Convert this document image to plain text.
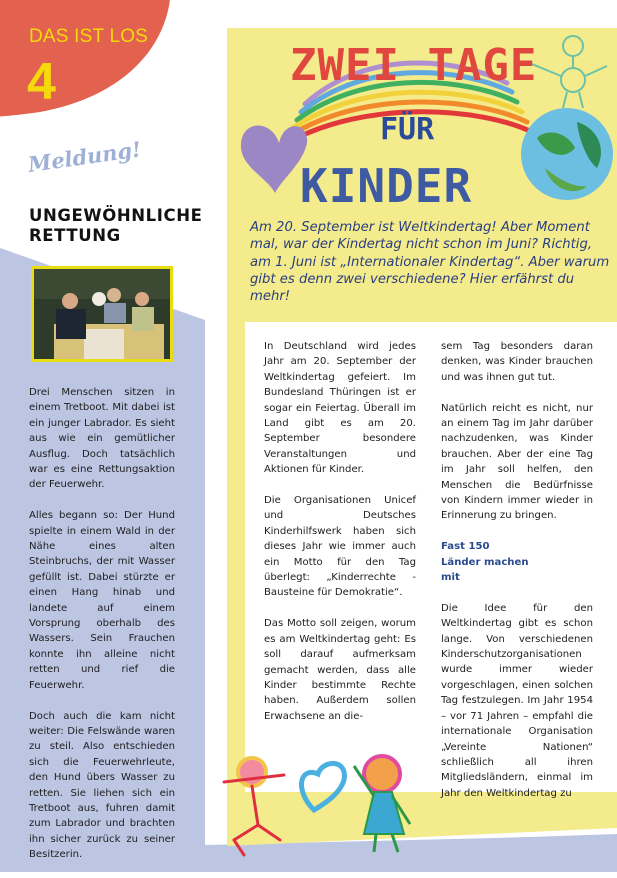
DAS IST LOS
4
Meldung!
UNGEWÖHNLICHE
RETTUNG

Drei Menschen sitzen in einem Tretboot. Mit dabei ist ein junger Labrador. Es sieht aus wie ein gemütlicher Ausflug. Doch tatsächlich war es eine Rettungsaktion der Feuerwehr.

Alles begann so: Der Hund spielte in einem Wald in der Nähe eines alten Steinbruchs, der mit Wasser gefüllt ist. Dabei stürzte er einen Hang hinab und landete auf einem Vorsprung oberhalb des Wassers. Sein Frauchen konnte ihn alleine nicht retten und rief die Feuerwehr.

Doch auch die kam nicht weiter: Die Felswände waren zu steil. Also entschieden sich die Feuerwehrleute, den Hund übers Wasser zu retten. Sie liehen sich ein Tretboot aus, fuhren damit zum Labrador und brachten ihn sicher zurück zu seiner Besitzerin.

ZWEI TAGE
FÜR
KINDER
Am 20. September ist Weltkindertag! Aber Moment mal, war der Kindertag nicht schon im Juni? Richtig, am 1. Juni ist „Internationaler Kindertag“. Aber warum gibt es denn zwei verschiedene? Hier erfährst du mehr!

In Deutschland wird jedes Jahr am 20. September der Weltkindertag gefeiert. Im Bundesland Thüringen ist er sogar ein Feiertag. Überall im Land gibt es am 20. September besondere Veranstaltungen und Aktionen für Kinder.

Die Organisationen Unicef und Deutsches Kinderhilfswerk haben sich dieses Jahr wie immer auch ein Motto für den Tag überlegt: „Kinderrechte - Bausteine für Demokratie“.

Das Motto soll zeigen, worum es am Weltkindertag geht: Es soll darauf aufmerksam gemacht werden, dass alle Kinder bestimmte Rechte haben. Außerdem sollen Erwachsene an die-

sem Tag besonders daran denken, was Kinder brauchen und was ihnen gut tut.

Natürlich reicht es nicht, nur an einem Tag im Jahr darüber nachzudenken, was Kinder brauchen. Aber der eine Tag im Jahr soll helfen, den Menschen die Bedürfnisse von Kindern immer wieder in Erinnerung zu bringen.

Fast 150 Länder machen mit

Die Idee für den Weltkindertag gibt es schon lange. Von verschiedenen Kinderschutzorganisationen wurde immer wieder vorgeschlagen, einen solchen Tag festzulegen. Im Jahr 1954 – vor 71 Jahren – empfahl die internationale Organisation „Vereinte Nationen“ schließlich all ihren Mitgliedsländern, einmal im Jahr den Weltkindertag zu
